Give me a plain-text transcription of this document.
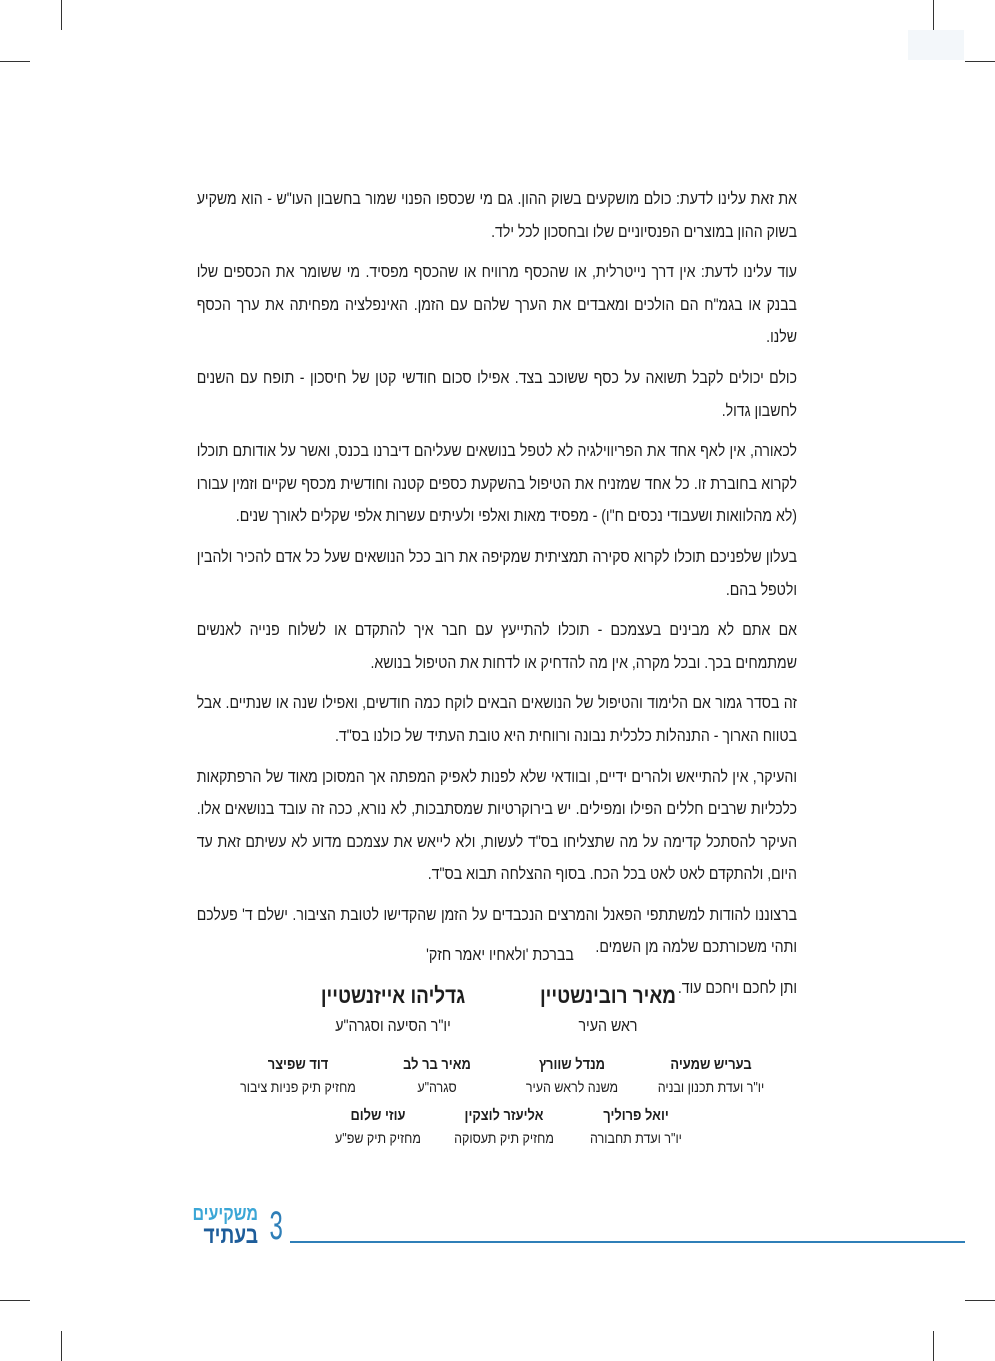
את זאת עלינו לדעת: כולם מושקעים בשוק ההון. גם מי שכספו הפנוי שמור בחשבון העו"ש - הוא משקיע בשוק ההון במוצרים הפנסיוניים שלו ובחסכון לכל ילד.

עוד עלינו לדעת: אין דרך נייטרלית, או שהכסף מרוויח או שהכסף מפסיד. מי ששומר את הכספים שלו בבנק או בגמ"ח הם הולכים ומאבדים את הערך שלהם עם הזמן. האינפלציה מפחיתה את ערך הכסף שלנו.

כולם יכולים לקבל תשואה על כסף ששוכב בצד. אפילו סכום חודשי קטן של חיסכון - תופח עם השנים לחשבון גדול.

לכאורה, אין לאף אחד את הפריווילגיה לא לטפל בנושאים שעליהם דיברנו בכנס, ואשר על אודותם תוכלו לקרוא בחוברת זו. כל אחד שמזניח את הטיפול בהשקעת כספים קטנה וחודשית מכסף שקיים וזמין עבורו (לא מהלוואות ושעבודי נכסים ח"ו) - מפסיד מאות ואלפי ולעיתים עשרות אלפי שקלים לאורך שנים.

בעלון שלפניכם תוכלו לקרוא סקירה תמציתית שמקיפה את רוב ככל הנושאים שעל כל אדם להכיר ולהבין ולטפל בהם.

אם אתם לא מבינים בעצמכם - תוכלו להתייעץ עם חבר איך להתקדם או לשלוח פנייה לאנשים שמתמחים בכך. ובכל מקרה, אין מה להדחיק או לדחות את הטיפול בנושא.

זה בסדר גמור אם הלימוד והטיפול של הנושאים הבאים לוקח כמה חודשים, ואפילו שנה או שנתיים. אבל בטווח הארוך - התנהלות כלכלית נבונה ורווחית היא טובת העתיד של כולנו בס"ד.

והעיקר, אין להתייאש ולהרים ידיים, ובוודאי שלא לפנות לאפיק המפתה אך המסוכן מאוד של הרפתקאות כלכליות שרבים חללים הפילו ומפילים. יש בירוקרטיות שמסתבכות, לא נורא, ככה זה עובד בנושאים אלו. העיקר להסתכל קדימה על מה שתצליחו בס"ד לעשות, ולא לייאש את עצמכם מדוע לא עשיתם זאת עד היום, ולהתקדם לאט לאט בכל הכח. בסוף ההצלחה תבוא בס"ד.

ברצוננו להודות למשתתפי הפאנל והמרצים הנכבדים על הזמן שהקדישו לטובת הציבור. ישלם ד' פעלכם ותהי משכורתכם שלמה מן השמים.

ותן לחכם ויחכם עוד.

בברכת 'ולאחיו יאמר חזק'
מאיר רובינשטיין
ראש העיר
גדליהו אייזנשטיין
יו"ר הסיעה וסגרה"ע
בעריש שמעיה
יו"ר ועדת תכנון ובניה
מנדל שוורץ
משנה לראש העיר
מאיר בר לב
סגרה"ע
דוד שפיצר
מחזיק תיק פניות ציבור
יואל פרוליך
יו"ר ועדת תחבורה
אליעזר לוצקין
מחזיק תיק תעסוקה
עוזי שלום
מחזיק תיק שפ"ע
משקיעים
בעתיד 3
